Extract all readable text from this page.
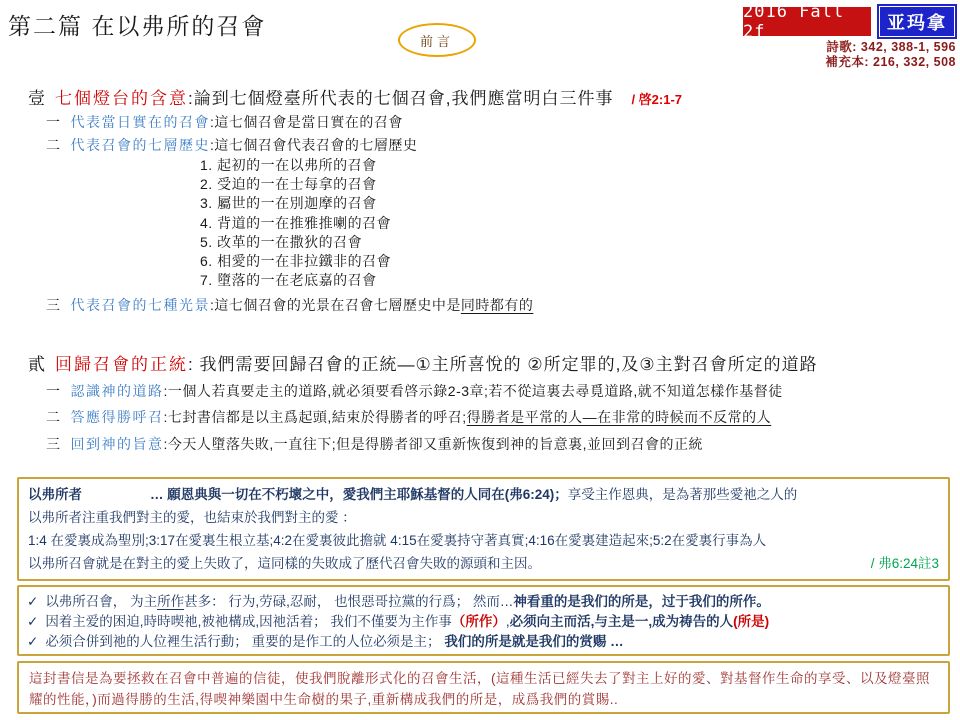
第二篇 在以弗所的召會
前言
2016 Fall 2f	亚玛拿
詩歌: 342, 388-1, 596
補充本: 216, 332, 508
壹 七個燈台的含意:論到七個燈臺所代表的七個召會,我們應當明白三件事 / 啓2:1-7
一 代表當日實在的召會:這七個召會是當日實在的召會
二 代表召會的七層歷史:這七個召會代表召會的七層歷史
1. 起初的一在以弗所的召會
2. 受迫的一在士每拿的召會
3. 屬世的一在別迦摩的召會
4. 背道的一在推雅推喇的召會
5. 改革的一在撒狄的召會
6. 相愛的一在非拉鐵非的召會
7. 墮落的一在老底嘉的召會
三 代表召會的七種光景:這七個召會的光景在召會七層歷史中是同時都有的
貳 回歸召會的正統: 我們需要回歸召會的正統—①主所喜悅的 ②所定罪的,及③主對召會所定的道路
一 認識神的道路:一個人若真要走主的道路,就必須要看啓示錄2-3章;若不從這裏去尋覓道路,就不知道怎樣作基督徒
二 答應得勝呼召:七封書信都是以主爲起頭,結束於得勝者的呼召;得勝者是平常的人—在非常的時候而不反常的人
三 回到神的旨意:今天人墮落失敗,一直往下;但是得勝者卻又重新恢復到神的旨意裏,並回到召會的正統
以弗所者	… 願恩典與一切在不朽壞之中，愛我們主耶穌基督的人同在(弗6:24)；享受主作恩典，是為著那些愛祂之人的
以弗所者注重我們對主的愛，也結束於我們對主的愛 ：
1:4 在愛裏成為聖別;3:17在愛裏生根立基;4:2在愛裏彼此擔就 4:15在愛裏持守著真實;4:16在愛裏建造起來;5:2在愛裏行事為人
以弗所召會就是在對主的愛上失敗了，這同樣的失敗成了歷代召會失敗的源頭和主因。	/ 弗6:24註3
✓ 以弗所召會， 为主所作甚多： 行为,劳碌,忍耐， 也恨惡哥拉黨的行爲； 然而…神看重的是我们的所是，过于我们的所作。
✓ 因着主爱的困迫,時時喫祂,被祂構成,因祂活着； 我们不僅要为主作事（所作）,必须向主而活,与主是一,成为祷告的人(所是)
✓ 必须合併到祂的人位裡生活行動； 重要的是作工的人位必须是主； 我们的所是就是我们的赏赐 …
這封書信是為要拯救在召會中普遍的信徒，使我們脫離形式化的召會生活，(這種生活已經失去了對主上好的愛、對基督作生命的享受、以及燈臺照耀的性能，)而過得勝的生活,得喫神樂園中生命樹的果子,重新構成我們的所是，成爲我們的賞賜..
